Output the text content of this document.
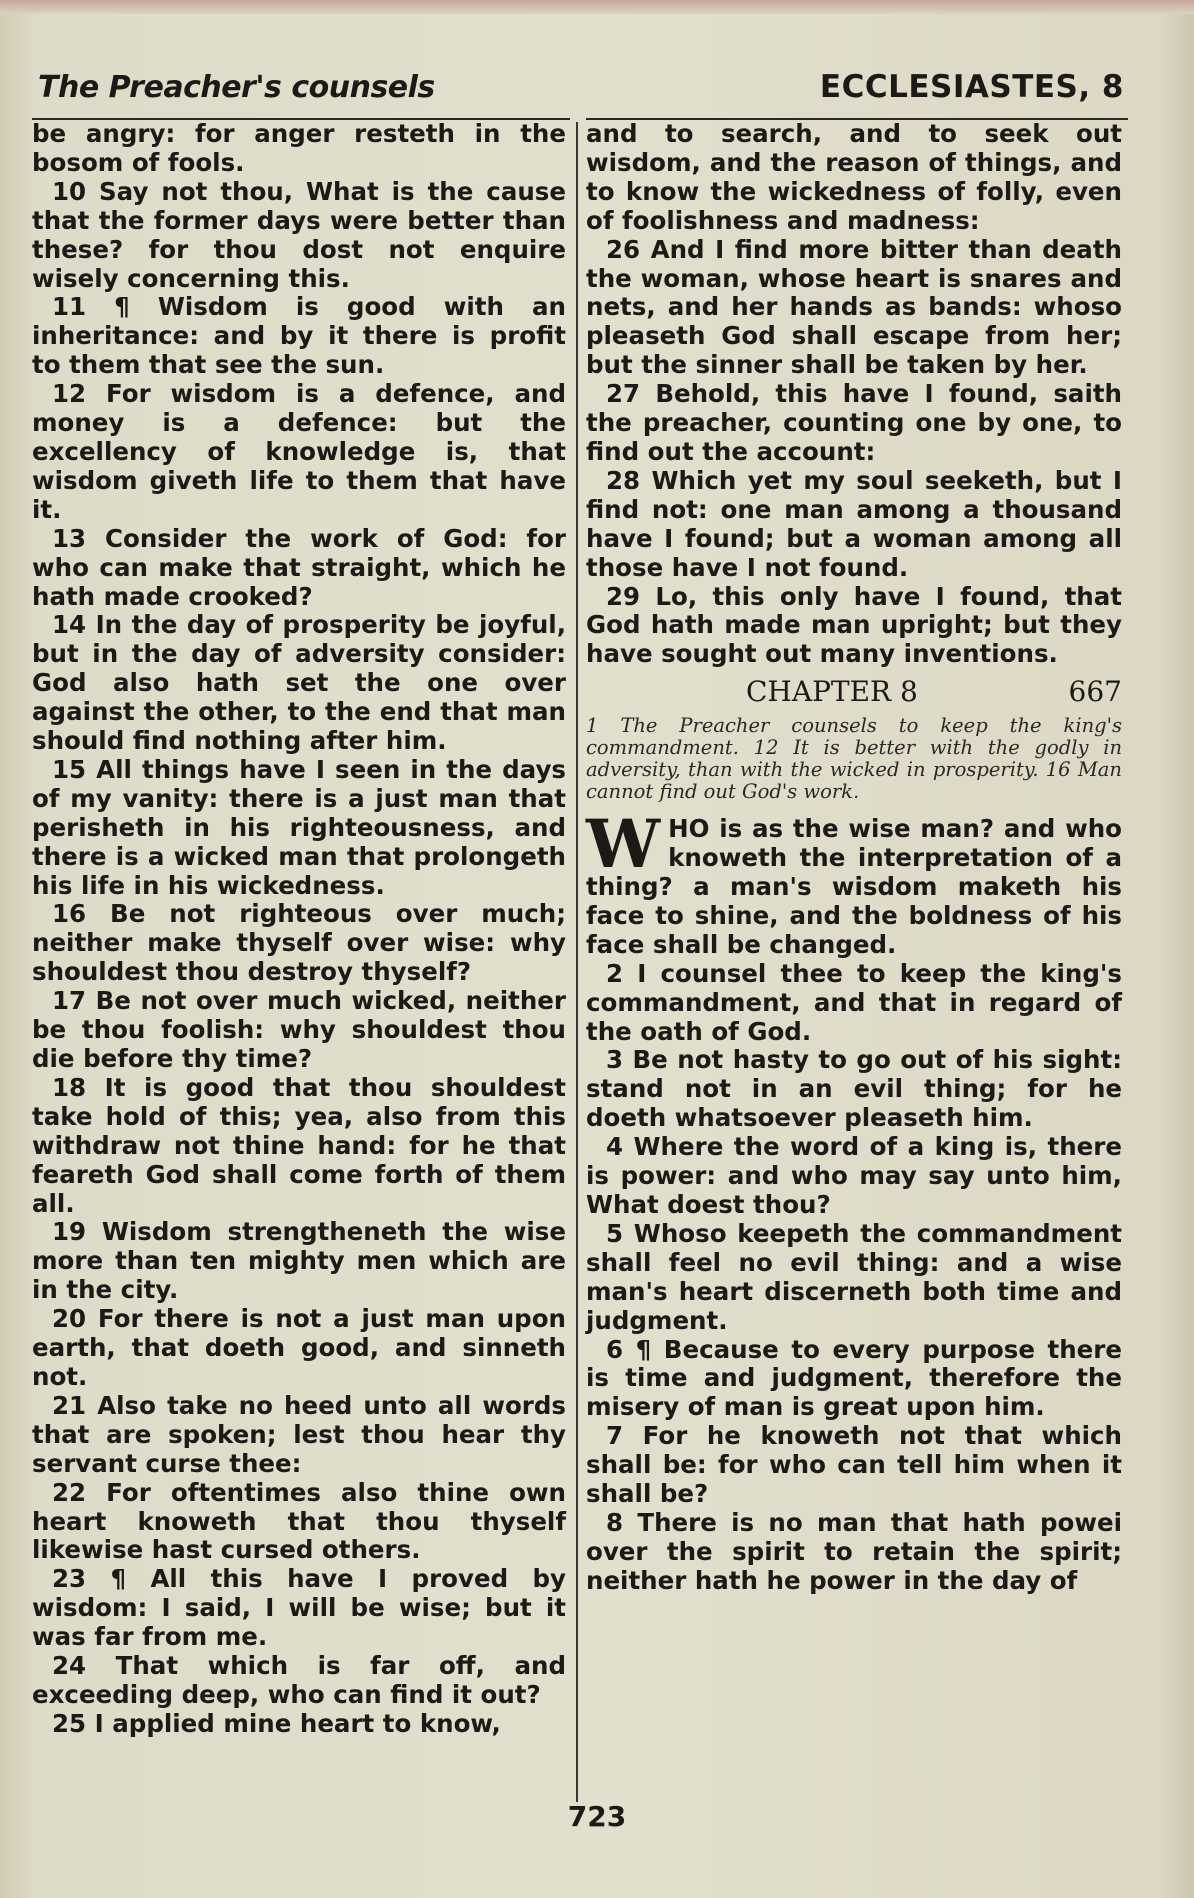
The Preacher's counsels	ECCLESIASTES, 8

be angry: for anger resteth in the bosom of fools.

10 Say not thou, What is the cause that the former days were better than these? for thou dost not enquire wisely concerning this.

11 ¶ Wisdom is good with an inheritance: and by it there is profit to them that see the sun.

12 For wisdom is a defence, and money is a defence: but the excellency of knowledge is, that wisdom giveth life to them that have it.

13 Consider the work of God: for who can make that straight, which he hath made crooked?

14 In the day of prosperity be joyful, but in the day of adversity consider: God also hath set the one over against the other, to the end that man should find nothing after him.

15 All things have I seen in the days of my vanity: there is a just man that perisheth in his righteousness, and there is a wicked man that prolongeth his life in his wickedness.

16 Be not righteous over much; neither make thyself over wise: why shouldest thou destroy thyself?

17 Be not over much wicked, neither be thou foolish: why shouldest thou die before thy time?

18 It is good that thou shouldest take hold of this; yea, also from this withdraw not thine hand: for he that feareth God shall come forth of them all.

19 Wisdom strengtheneth the wise more than ten mighty men which are in the city.

20 For there is not a just man upon earth, that doeth good, and sinneth not.

21 Also take no heed unto all words that are spoken; lest thou hear thy servant curse thee:

22 For oftentimes also thine own heart knoweth that thou thyself likewise hast cursed others.

23 ¶ All this have I proved by wisdom: I said, I will be wise; but it was far from me.

24 That which is far off, and exceeding deep, who can find it out?

25 I applied mine heart to know,

and to search, and to seek out wisdom, and the reason of things, and to know the wickedness of folly, even of foolishness and madness:

26 And I find more bitter than death the woman, whose heart is snares and nets, and her hands as bands: whoso pleaseth God shall escape from her; but the sinner shall be taken by her.

27 Behold, this have I found, saith the preacher, counting one by one, to find out the account:

28 Which yet my soul seeketh, but I find not: one man among a thousand have I found; but a woman among all those have I not found.

29 Lo, this only have I found, that God hath made man upright; but they have sought out many inventions.

CHAPTER 8	667
1 The Preacher counsels to keep the king's commandment. 12 It is better with the godly in adversity, than with the wicked in prosperity. 16 Man cannot find out God's work.
W HO is as the wise man? and who knoweth the interpretation of a thing? a man's wisdom maketh his face to shine, and the boldness of his face shall be changed.

2 I counsel thee to keep the king's commandment, and that in regard of the oath of God.

3 Be not hasty to go out of his sight: stand not in an evil thing; for he doeth whatsoever pleaseth him.

4 Where the word of a king is, there is power: and who may say unto him, What doest thou?

5 Whoso keepeth the commandment shall feel no evil thing: and a wise man's heart discerneth both time and judgment.

6 ¶ Because to every purpose there is time and judgment, therefore the misery of man is great upon him.

7 For he knoweth not that which shall be: for who can tell him when it shall be?

8 There is no man that hath powei over the spirit to retain the spirit; neither hath he power in the day of

723
